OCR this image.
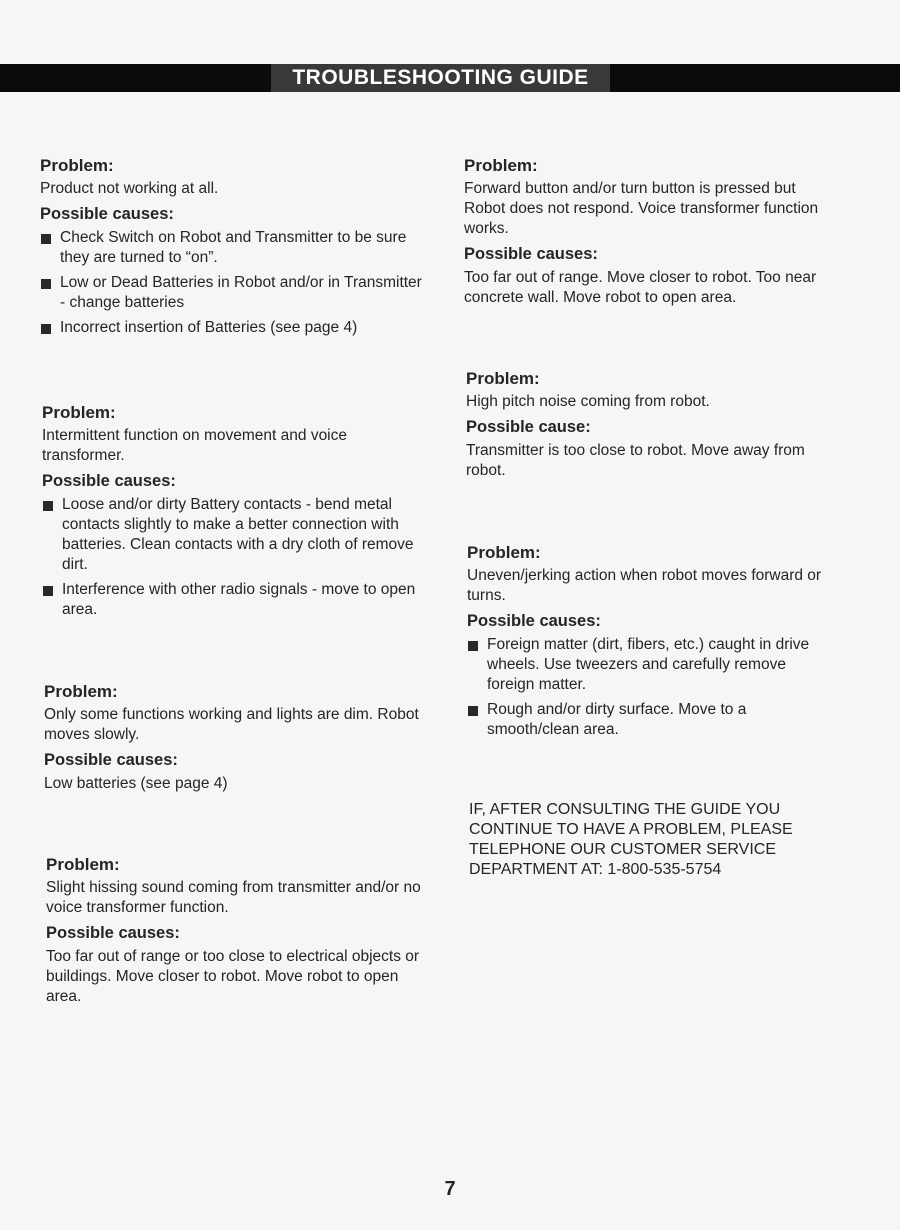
TROUBLESHOOTING GUIDE
Problem:
Product not working at all.
Possible causes:
Check Switch on Robot and Transmitter to be sure they are turned to “on”.
Low or Dead Batteries in Robot and/or in Transmitter - change batteries
Incorrect insertion of Batteries (see page 4)
Problem:
Intermittent function on movement and voice transformer.
Possible causes:
Loose and/or dirty Battery contacts - bend metal contacts slightly to make a better connection with batteries. Clean contacts with a dry cloth of remove dirt.
Interference with other radio signals - move to open area.
Problem:
Only some functions working and lights are dim. Robot moves slowly.
Possible causes:
Low batteries (see page 4)
Problem:
Slight hissing sound coming from transmitter and/or no voice transformer function.
Possible causes:
Too far out of range or too close to electrical objects or buildings. Move closer to robot. Move robot to open area.
Problem:
Forward button and/or turn button is pressed but Robot does not respond. Voice transformer function works.
Possible causes:
Too far out of range. Move closer to robot. Too near concrete wall. Move robot to open area.
Problem:
High pitch noise coming from robot.
Possible cause:
Transmitter is too close to robot. Move away from robot.
Problem:
Uneven/jerking action when robot moves forward or turns.
Possible causes:
Foreign matter (dirt, fibers, etc.) caught in drive wheels. Use tweezers and carefully remove foreign matter.
Rough and/or dirty surface. Move to a smooth/clean area.
IF, AFTER CONSULTING THE GUIDE YOU CONTINUE TO HAVE A PROBLEM, PLEASE TELEPHONE OUR CUSTOMER SERVICE DEPARTMENT AT: 1-800-535-5754
7
